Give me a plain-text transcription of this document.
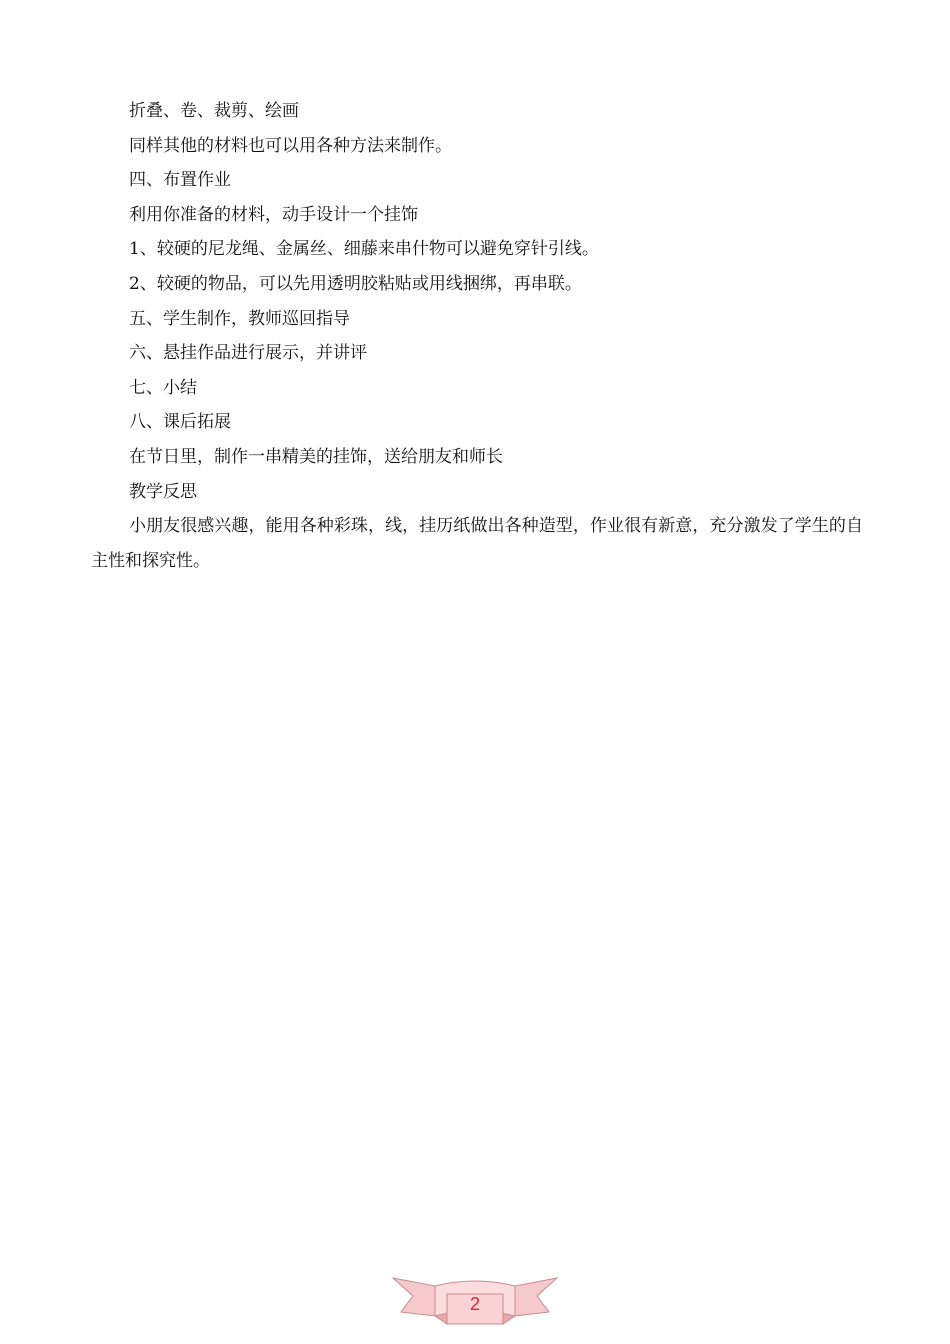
折叠、卷、裁剪、绘画
同样其他的材料也可以用各种方法来制作。
四、布置作业
利用你准备的材料，动手设计一个挂饰
1、较硬的尼龙绳、金属丝、细藤来串什物可以避免穿针引线。
2、较硬的物品，可以先用透明胶粘贴或用线捆绑，再串联。
五、学生制作，教师巡回指导
六、悬挂作品进行展示，并讲评
七、小结
八、课后拓展
在节日里，制作一串精美的挂饰，送给朋友和师长
教学反思

小朋友很感兴趣，能用各种彩珠，线，挂历纸做出各种造型，作业很有新意，充分激发了学生的自主性和探究性。

2
